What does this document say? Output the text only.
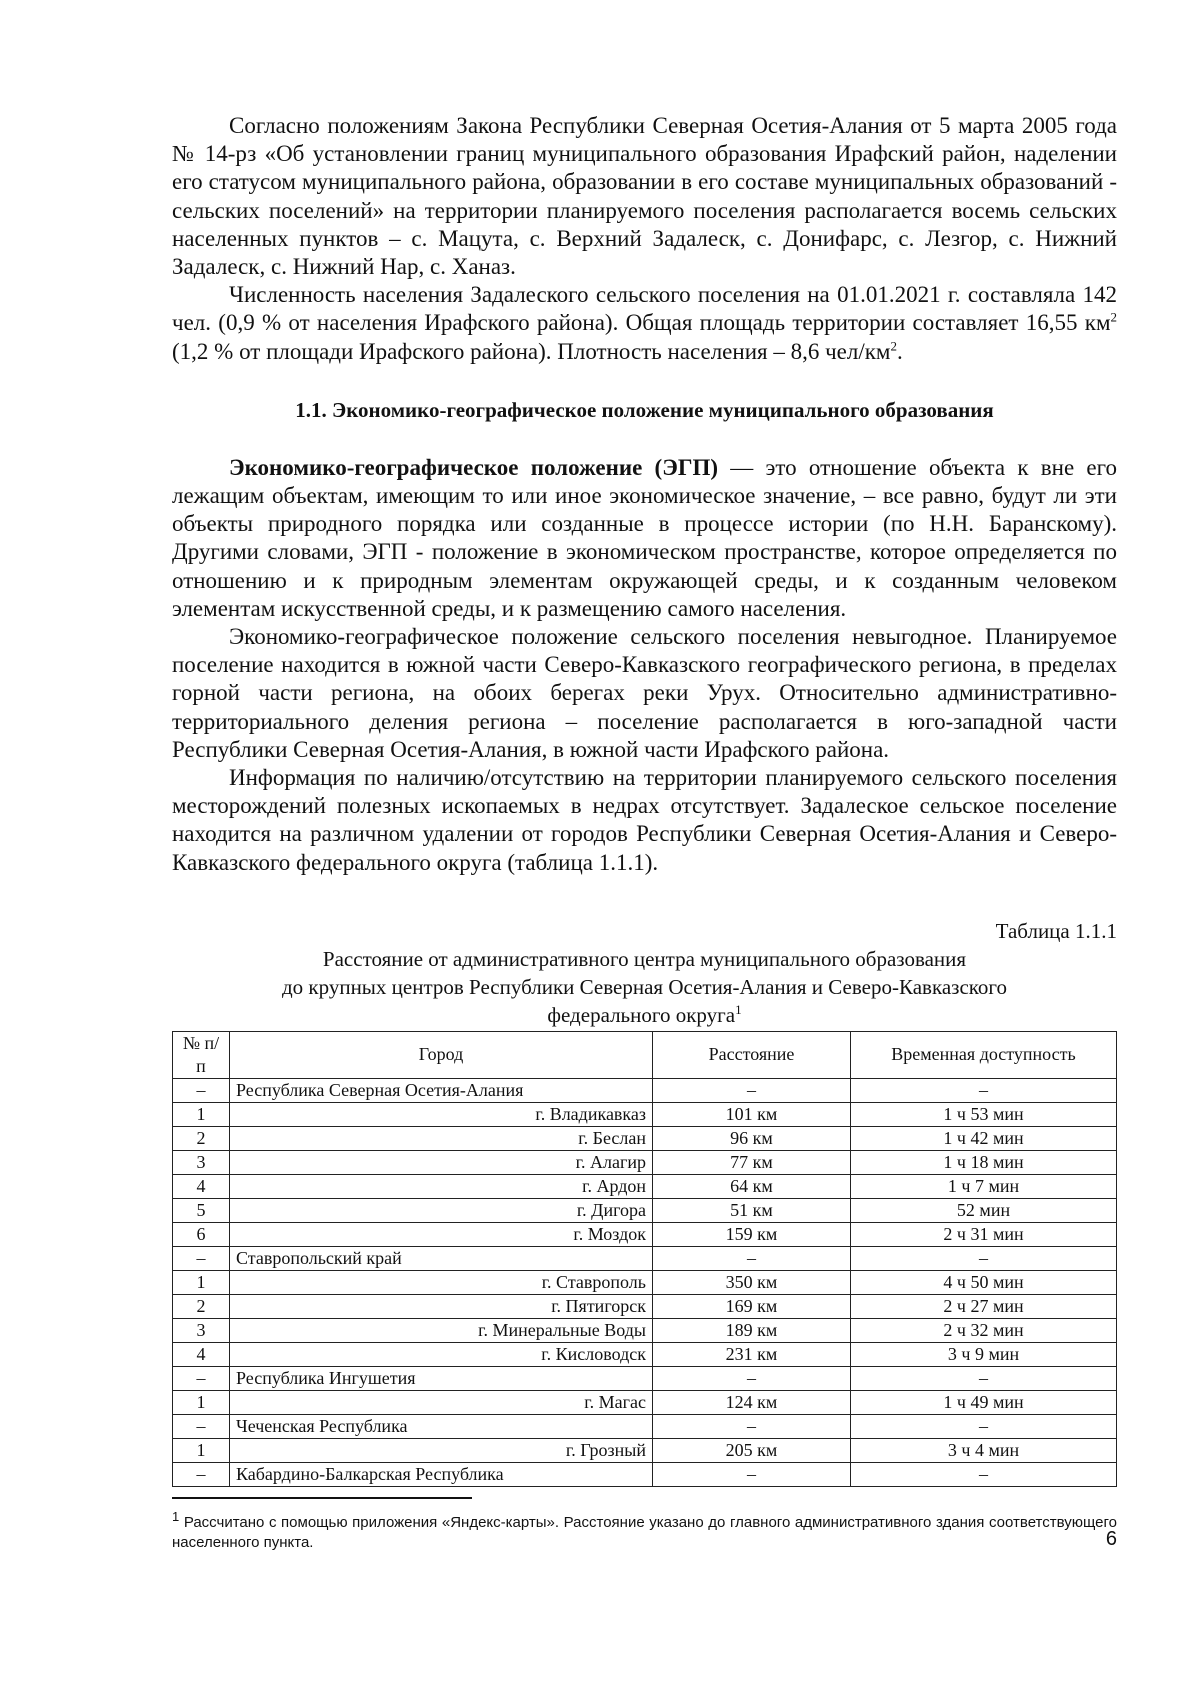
Согласно положениям Закона Республики Северная Осетия-Алания от 5 марта 2005 года № 14-рз «Об установлении границ муниципального образования Ирафский район, наделении его статусом муниципального района, образовании в его составе муниципальных образований - сельских поселений» на территории планируемого поселения располагается восемь сельских населенных пунктов – с. Мацута, с. Верхний Задалеск, с. Донифарс, с. Лезгор, с. Нижний Задалеск, с. Нижний Нар, с. Ханаз.

Численность населения Задалеского сельского поселения на 01.01.2021 г. составляла 142 чел. (0,9 % от населения Ирафского района). Общая площадь территории составляет 16,55 $км^2$ (1,2 % от площади Ирафского района). Плотность населения – 8,6 чел/$км^2$.

1.1. Экономико-географическое положение муниципального образования

Экономико-географическое положение (ЭГП) — это отношение объекта к вне его лежащим объектам, имеющим то или иное экономическое значение, – все равно, будут ли эти объекты природного порядка или созданные в процессе истории (по Н.Н. Баранскому). Другими словами, ЭГП - положение в экономическом пространстве, которое определяется по отношению и к природным элементам окружающей среды, и к созданным человеком элементам искусственной среды, и к размещению самого населения.

Экономико-географическое положение сельского поселения невыгодное. Планируемое поселение находится в южной части Северо-Кавказского географического региона, в пределах горной части региона, на обоих берегах реки Урух. Относительно административно-территориального деления региона – поселение располагается в юго-западной части Республики Северная Осетия-Алания, в южной части Ирафского района.

Информация по наличию/отсутствию на территории планируемого сельского поселения месторождений полезных ископаемых в недрах отсутствует. Задалеское сельское поселение находится на различном удалении от городов Республики Северная Осетия-Алания и Северо-Кавказского федерального округа (таблица 1.1.1).

Таблица 1.1.1
Расстояние от административного центра муниципального образования
до крупных центров Республики Северная Осетия-Алания и Северо-Кавказского
федерального округа$^1$
№ п/п	Город	Расстояние	Временная доступность
–	Республика Северная Осетия-Алания	–	–
1	г. Владикавказ	101 км	1 ч 53 мин
2	г. Беслан	96 км	1 ч 42 мин
3	г. Алагир	77 км	1 ч 18 мин
4	г. Ардон	64 км	1 ч 7 мин
5	г. Дигора	51 км	52 мин
6	г. Моздок	159 км	2 ч 31 мин
–	Ставропольский край	–	–
1	г. Ставрополь	350 км	4 ч 50 мин
2	г. Пятигорск	169 км	2 ч 27 мин
3	г. Минеральные Воды	189 км	2 ч 32 мин
4	г. Кисловодск	231 км	3 ч 9 мин
–	Республика Ингушетия	–	–
1	г. Магас	124 км	1 ч 49 мин
–	Чеченская Республика	–	–
1	г. Грозный	205 км	3 ч 4 мин
–	Кабардино-Балкарская Республика	–	–
$^1$ Рассчитано с помощью приложения «Яндекс-карты». Расстояние указано до главного административного здания соответствующего населенного пункта.	6
